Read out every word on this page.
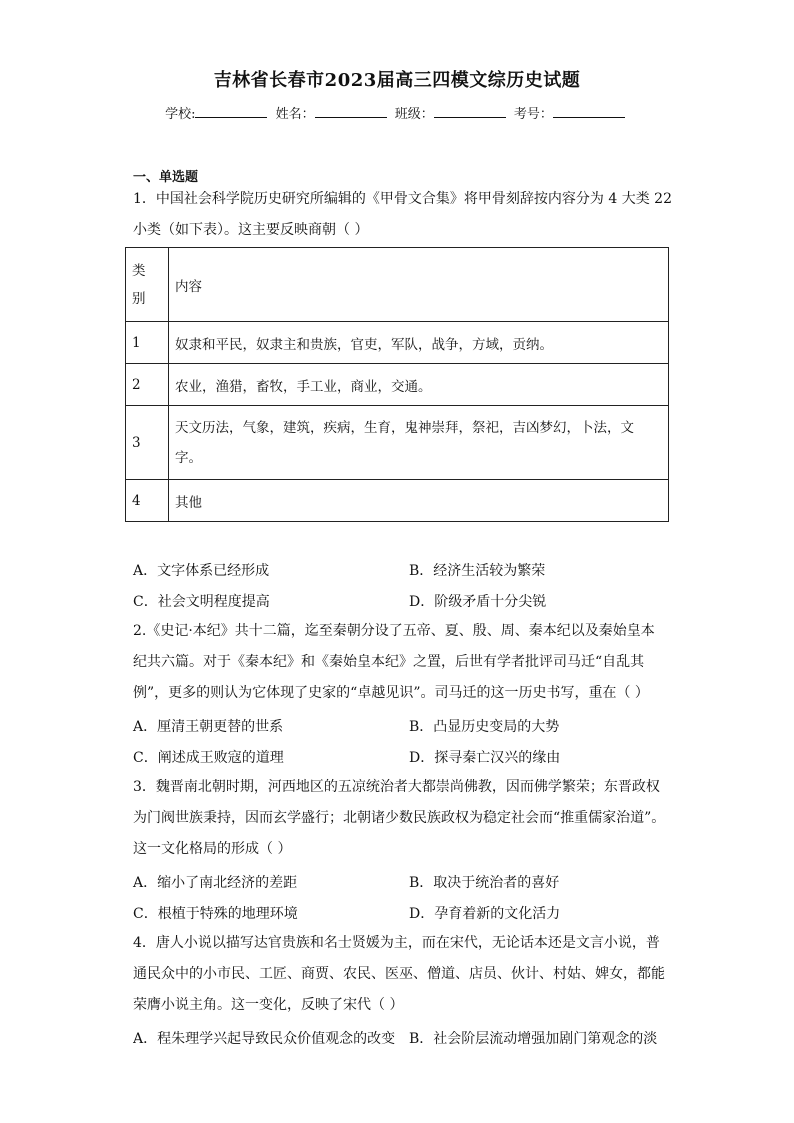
吉林省长春市2023届高三四模文综历史试题
学校:	姓名：	班级：	考号：
一、单选题

1．中国社会科学院历史研究所编辑的《甲骨文合集》将甲骨刻辞按内容分为 4 大类 22

小类（如下表）。这主要反映商朝（ ）

类
别	内容
1	奴隶和平民，奴隶主和贵族，官吏，军队，战争，方域，贡纳。
2	农业，渔猎，畜牧，手工业，商业，交通。
3	天文历法，气象，建筑，疾病，生育，鬼神崇拜，祭祀，吉凶梦幻，卜法，文字。
4	其他
A．文字体系已经形成	B．经济生活较为繁荣
C．社会文明程度提高	D．阶级矛盾十分尖锐

2.《史记·本纪》共十二篇，迄至秦朝分设了五帝、夏、殷、周、秦本纪以及秦始皇本

纪共六篇。对于《秦本纪》和《秦始皇本纪》之置，后世有学者批评司马迁“自乱其

例”，更多的则认为它体现了史家的“卓越见识”。司马迁的这一历史书写，重在（ ）

A．厘清王朝更替的世系	B．凸显历史变局的大势
C．阐述成王败寇的道理	D．探寻秦亡汉兴的缘由

3．魏晋南北朝时期，河西地区的五凉统治者大都崇尚佛教，因而佛学繁荣；东晋政权

为门阀世族秉持，因而玄学盛行；北朝诸少数民族政权为稳定社会而“推重儒家治道”。

这一文化格局的形成（ ）

A．缩小了南北经济的差距	B．取决于统治者的喜好
C．根植于特殊的地理环境	D．孕育着新的文化活力

4．唐人小说以描写达官贵族和名士贤媛为主，而在宋代，无论话本还是文言小说，普

通民众中的小市民、工匠、商贾、农民、医巫、僧道、店员、伙计、村姑、婢女，都能

荣膺小说主角。这一变化，反映了宋代（ ）

A．程朱理学兴起导致民众价值观念的改变 B．社会阶层流动增强加剧门第观念的淡
